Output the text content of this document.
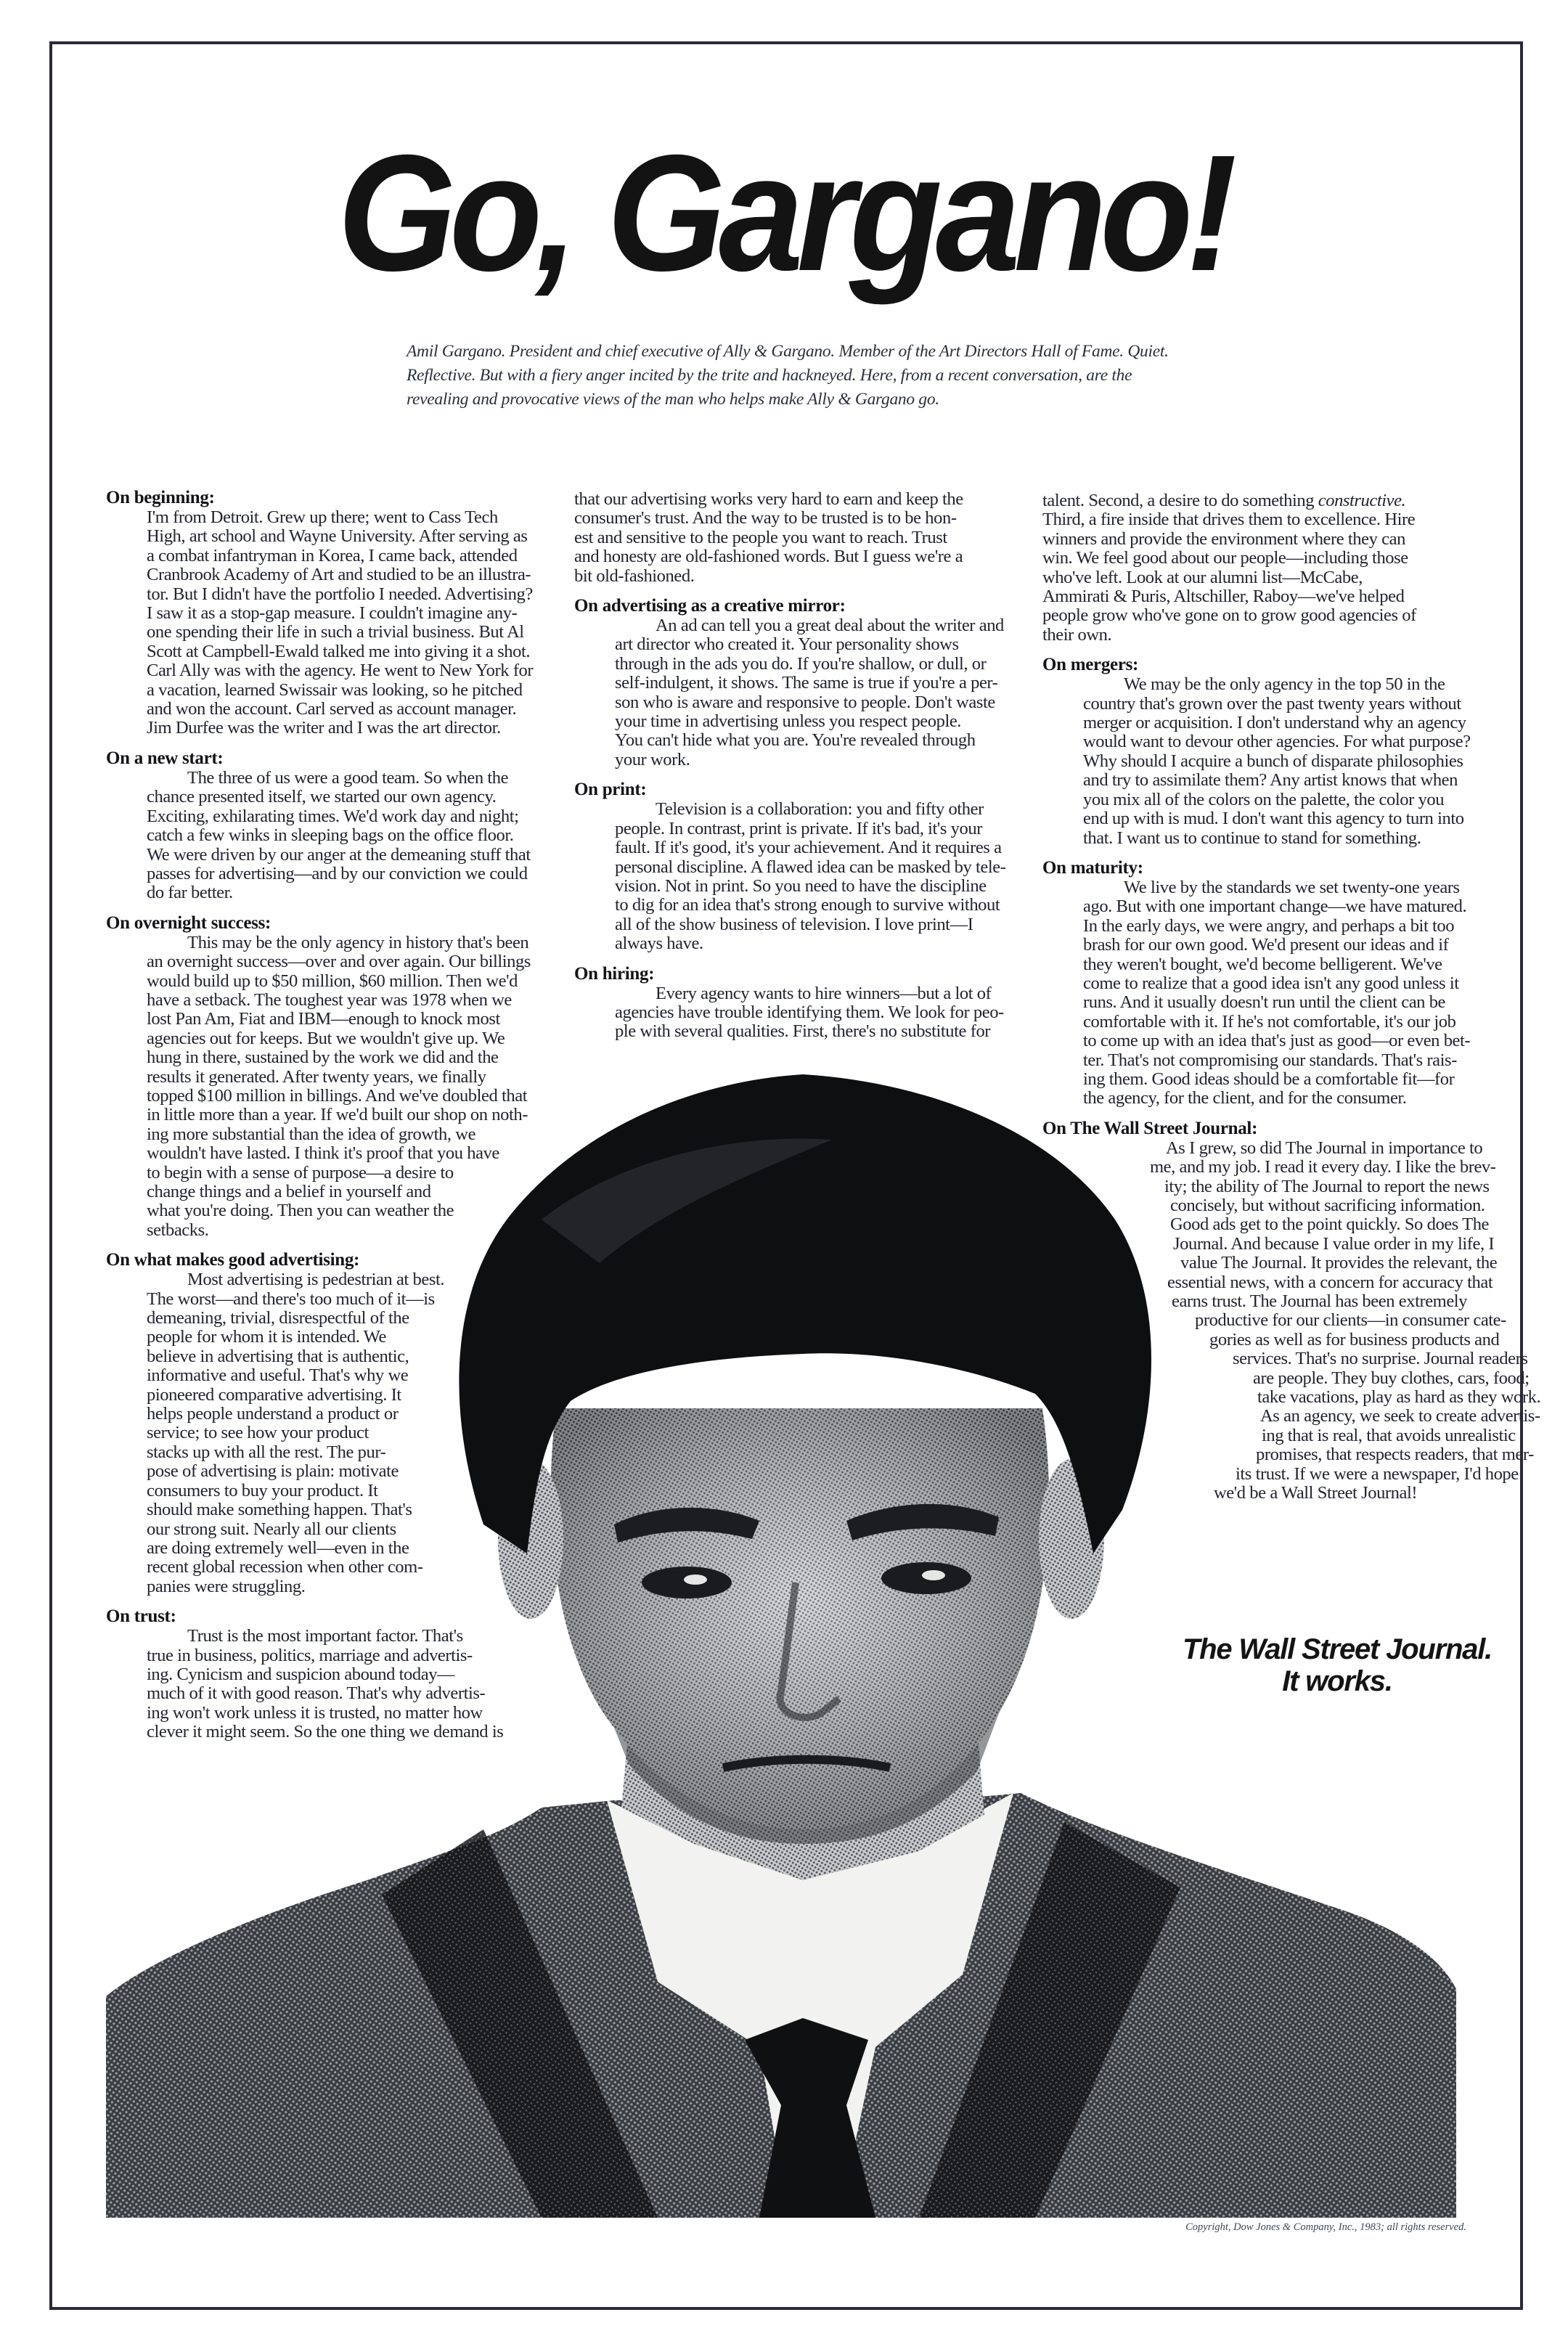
Go, Gargano!
Amil Gargano. President and chief executive of Ally & Gargano. Member of the Art Directors Hall of Fame. Quiet. Reflective. But with a fiery anger incited by the trite and hackneyed. Here, from a recent conversation, are the revealing and provocative views of the man who helps make Ally & Gargano go.
On beginning:

I'm from Detroit. Grew up there; went to Cass Tech
High, art school and Wayne University. After serving as
a combat infantryman in Korea, I came back, attended
Cranbrook Academy of Art and studied to be an illustra-
tor. But I didn't have the portfolio I needed. Advertising?
I saw it as a stop-gap measure. I couldn't imagine any-
one spending their life in such a trivial business. But Al
Scott at Campbell-Ewald talked me into giving it a shot.
Carl Ally was with the agency. He went to New York for
a vacation, learned Swissair was looking, so he pitched
and won the account. Carl served as account manager.
Jim Durfee was the writer and I was the art director.

On a new start:

The three of us were a good team. So when the
chance presented itself, we started our own agency.
Exciting, exhilarating times. We'd work day and night;
catch a few winks in sleeping bags on the office floor.
We were driven by our anger at the demeaning stuff that
passes for advertising—and by our conviction we could
do far better.

On overnight success:

This may be the only agency in history that's been
an overnight success—over and over again. Our billings
would build up to $50 million, $60 million. Then we'd
have a setback. The toughest year was 1978 when we
lost Pan Am, Fiat and IBM—enough to knock most
agencies out for keeps. But we wouldn't give up. We
hung in there, sustained by the work we did and the
results it generated. After twenty years, we finally
topped $100 million in billings. And we've doubled that
in little more than a year. If we'd built our shop on noth-
ing more substantial than the idea of growth, we
wouldn't have lasted. I think it's proof that you have
to begin with a sense of purpose—a desire to
change things and a belief in yourself and
what you're doing. Then you can weather the
setbacks.

On what makes good advertising:

Most advertising is pedestrian at best.
The worst—and there's too much of it—is
demeaning, trivial, disrespectful of the
people for whom it is intended. We
believe in advertising that is authentic,
informative and useful. That's why we
pioneered comparative advertising. It
helps people understand a product or
service; to see how your product
stacks up with all the rest. The pur-
pose of advertising is plain: motivate
consumers to buy your product. It
should make something happen. That's
our strong suit. Nearly all our clients
are doing extremely well—even in the
recent global recession when other com-
panies were struggling.

On trust:

Trust is the most important factor. That's
true in business, politics, marriage and advertis-
ing. Cynicism and suspicion abound today—
much of it with good reason. That's why advertis-
ing won't work unless it is trusted, no matter how
clever it might seem. So the one thing we demand is

that our advertising works very hard to earn and keep the
consumer's trust. And the way to be trusted is to be hon-
est and sensitive to the people you want to reach. Trust
and honesty are old-fashioned words. But I guess we're a
bit old-fashioned.

On advertising as a creative mirror:

An ad can tell you a great deal about the writer and
art director who created it. Your personality shows
through in the ads you do. If you're shallow, or dull, or
self-indulgent, it shows. The same is true if you're a per-
son who is aware and responsive to people. Don't waste
your time in advertising unless you respect people.
You can't hide what you are. You're revealed through
your work.

On print:

Television is a collaboration: you and fifty other
people. In contrast, print is private. If it's bad, it's your
fault. If it's good, it's your achievement. And it requires a
personal discipline. A flawed idea can be masked by tele-
vision. Not in print. So you need to have the discipline
to dig for an idea that's strong enough to survive without
all of the show business of television. I love print—I
always have.

On hiring:

Every agency wants to hire winners—but a lot of
agencies have trouble identifying them. We look for peo-
ple with several qualities. First, there's no substitute for

talent. Second, a desire to do something constructive.
Third, a fire inside that drives them to excellence. Hire
winners and provide the environment where they can
win. We feel good about our people—including those
who've left. Look at our alumni list—McCabe,
Ammirati & Puris, Altschiller, Raboy—we've helped
people grow who've gone on to grow good agencies of
their own.

On mergers:

We may be the only agency in the top 50 in the
country that's grown over the past twenty years without
merger or acquisition. I don't understand why an agency
would want to devour other agencies. For what purpose?
Why should I acquire a bunch of disparate philosophies
and try to assimilate them? Any artist knows that when
you mix all of the colors on the palette, the color you
end up with is mud. I don't want this agency to turn into
that. I want us to continue to stand for something.

On maturity:

We live by the standards we set twenty-one years
ago. But with one important change—we have matured.
In the early days, we were angry, and perhaps a bit too
brash for our own good. We'd present our ideas and if
they weren't bought, we'd become belligerent. We've
come to realize that a good idea isn't any good unless it
runs. And it usually doesn't run until the client can be
comfortable with it. If he's not comfortable, it's our job
to come up with an idea that's just as good—or even bet-
ter. That's not compromising our standards. That's rais-
ing them. Good ideas should be a comfortable fit—for
the agency, for the client, and for the consumer.

On The Wall Street Journal:

As I grew, so did The Journal in importance to
me, and my job. I read it every day. I like the brev-
ity; the ability of The Journal to report the news
concisely, but without sacrificing information.
Good ads get to the point quickly. So does The
Journal. And because I value order in my life, I
value The Journal. It provides the relevant, the
essential news, with a concern for accuracy that
earns trust. The Journal has been extremely
productive for our clients—in consumer cate-
gories as well as for business products and
services. That's no surprise. Journal readers
are people. They buy clothes, cars, food;
take vacations, play as hard as they work.
As an agency, we seek to create advertis-
ing that is real, that avoids unrealistic
promises, that respects readers, that mer-
its trust. If we were a newspaper, I'd hope
we'd be a Wall Street Journal!

The Wall Street Journal.
It works.
Copyright, Dow Jones & Company, Inc., 1983; all rights reserved.
